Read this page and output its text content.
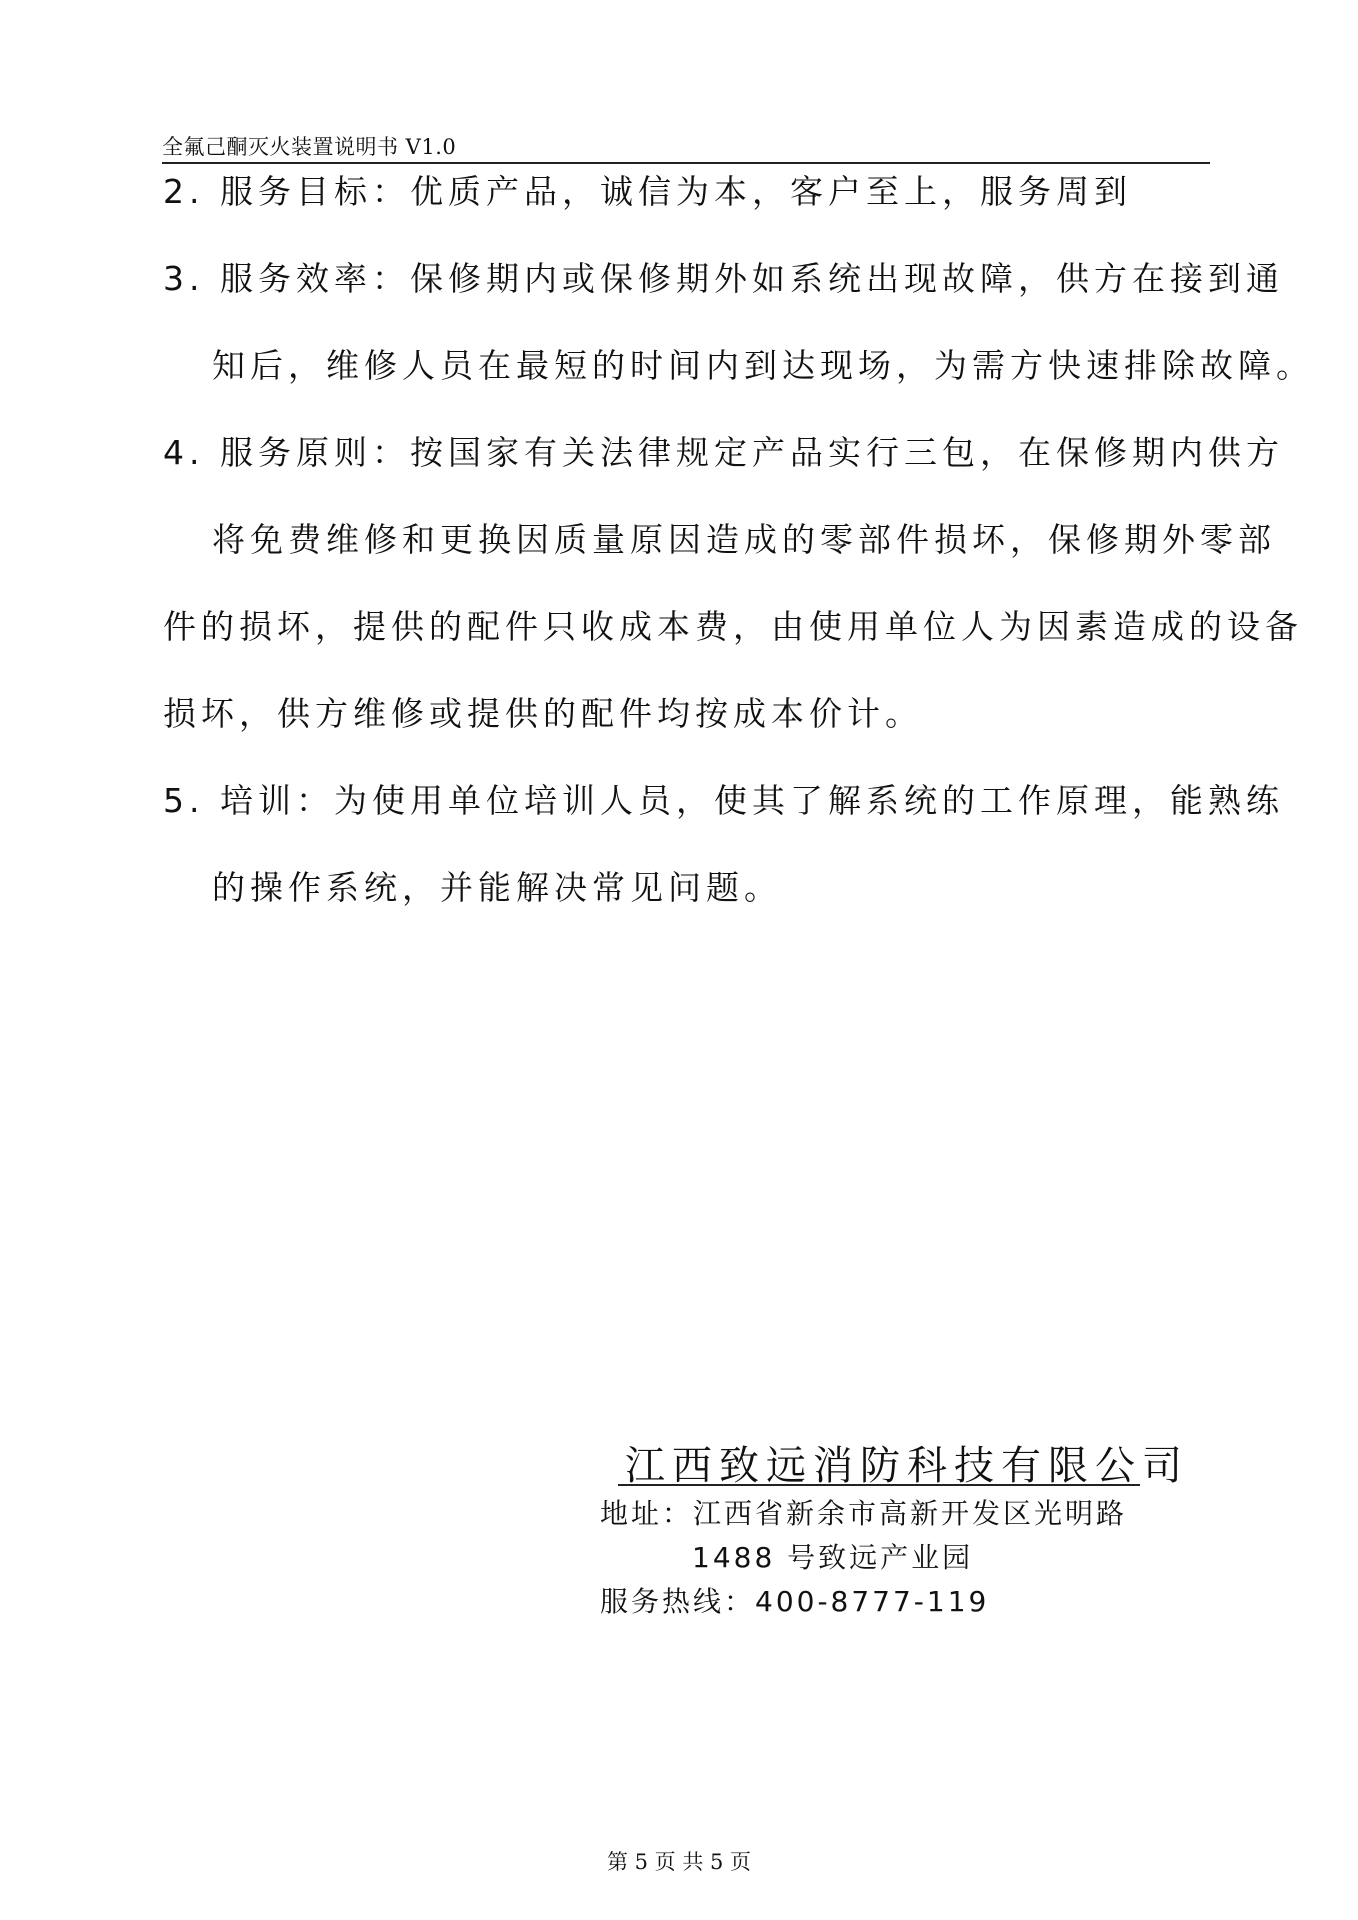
全氟己酮灭火装置说明书 V1.0
2. 服务目标：优质产品，诚信为本，客户至上，服务周到
3. 服务效率：保修期内或保修期外如系统出现故障，供方在接到通
知后，维修人员在最短的时间内到达现场，为需方快速排除故障。
4. 服务原则：按国家有关法律规定产品实行三包，在保修期内供方
将免费维修和更换因质量原因造成的零部件损坏，保修期外零部
件的损坏，提供的配件只收成本费，由使用单位人为因素造成的设备
损坏，供方维修或提供的配件均按成本价计。
5. 培训：为使用单位培训人员，使其了解系统的工作原理，能熟练
的操作系统，并能解决常见问题。
江西致远消防科技有限公司
地址：江西省新余市高新开发区光明路
1488 号致远产业园
服务热线：400-8777-119
第 5 页 共 5 页
